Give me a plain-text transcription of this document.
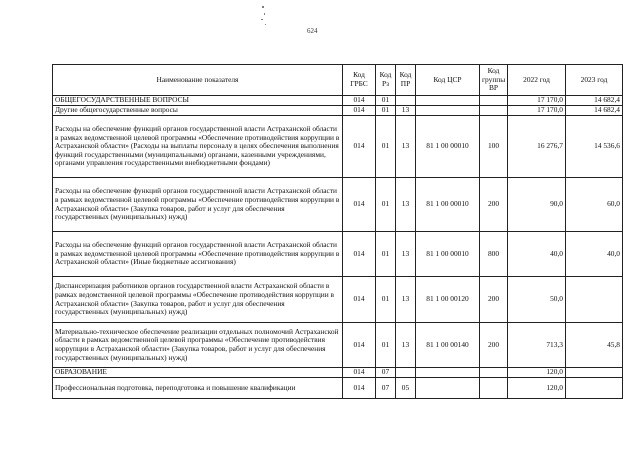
624
Наименование показателя	Код ГРБС	Код Рз	Код ПР	Код ЦСР	Код группы ВР	2022 год	2023 год
ОБЩЕГОСУДАРСТВЕННЫЕ ВОПРОСЫ	014	01				17 170,0	14 682,4
Другие общегосударственные вопросы	014	01	13			17 170,0	14 682,4
Расходы на обеспечение функций органов государственной власти Астраханской области в рамках ведомственной целевой программы «Обеспечение противодействия коррупции в Астраханской области» (Расходы на выплаты персоналу в целях обеспечения выполнения функций государственными (муниципальными) органами, казенными учреждениями, органами управления государственными внебюджетными фондами)	014	01	13	81 1 00 00010	100	16 276,7	14 536,6
Расходы на обеспечение функций органов государственной власти Астраханской области в рамках ведомственной целевой программы «Обеспечение противодействия коррупции в Астраханской области» (Закупка товаров, работ и услуг для обеспечения государственных (муниципальных) нужд)	014	01	13	81 1 00 00010	200	90,0	60,0
Расходы на обеспечение функций органов государственной власти Астраханской области в рамках ведомственной целевой программы «Обеспечение противодействия коррупции в Астраханской области» (Иные бюджетные ассигнования)	014	01	13	81 1 00 00010	800	40,0	40,0
Диспансеризация работников органов государственной власти Астраханской области в рамках ведомственной целевой программы «Обеспечение противодействия коррупции в Астраханской области» (Закупка товаров, работ и услуг для обеспечения государственных (муниципальных) нужд)	014	01	13	81 1 00 00120	200	50,0	
Материально-техническое обеспечение реализации отдельных полномочий Астраханской области в рамках ведомственной целевой программы «Обеспечение противодействия коррупции в Астраханской области» (Закупка товаров, работ и услуг для обеспечения государственных (муниципальных) нужд)	014	01	13	81 1 00 00140	200	713,3	45,8
ОБРАЗОВАНИЕ	014	07				120,0	
Профессиональная подготовка, переподготовка и повышение квалификации	014	07	05			120,0	
